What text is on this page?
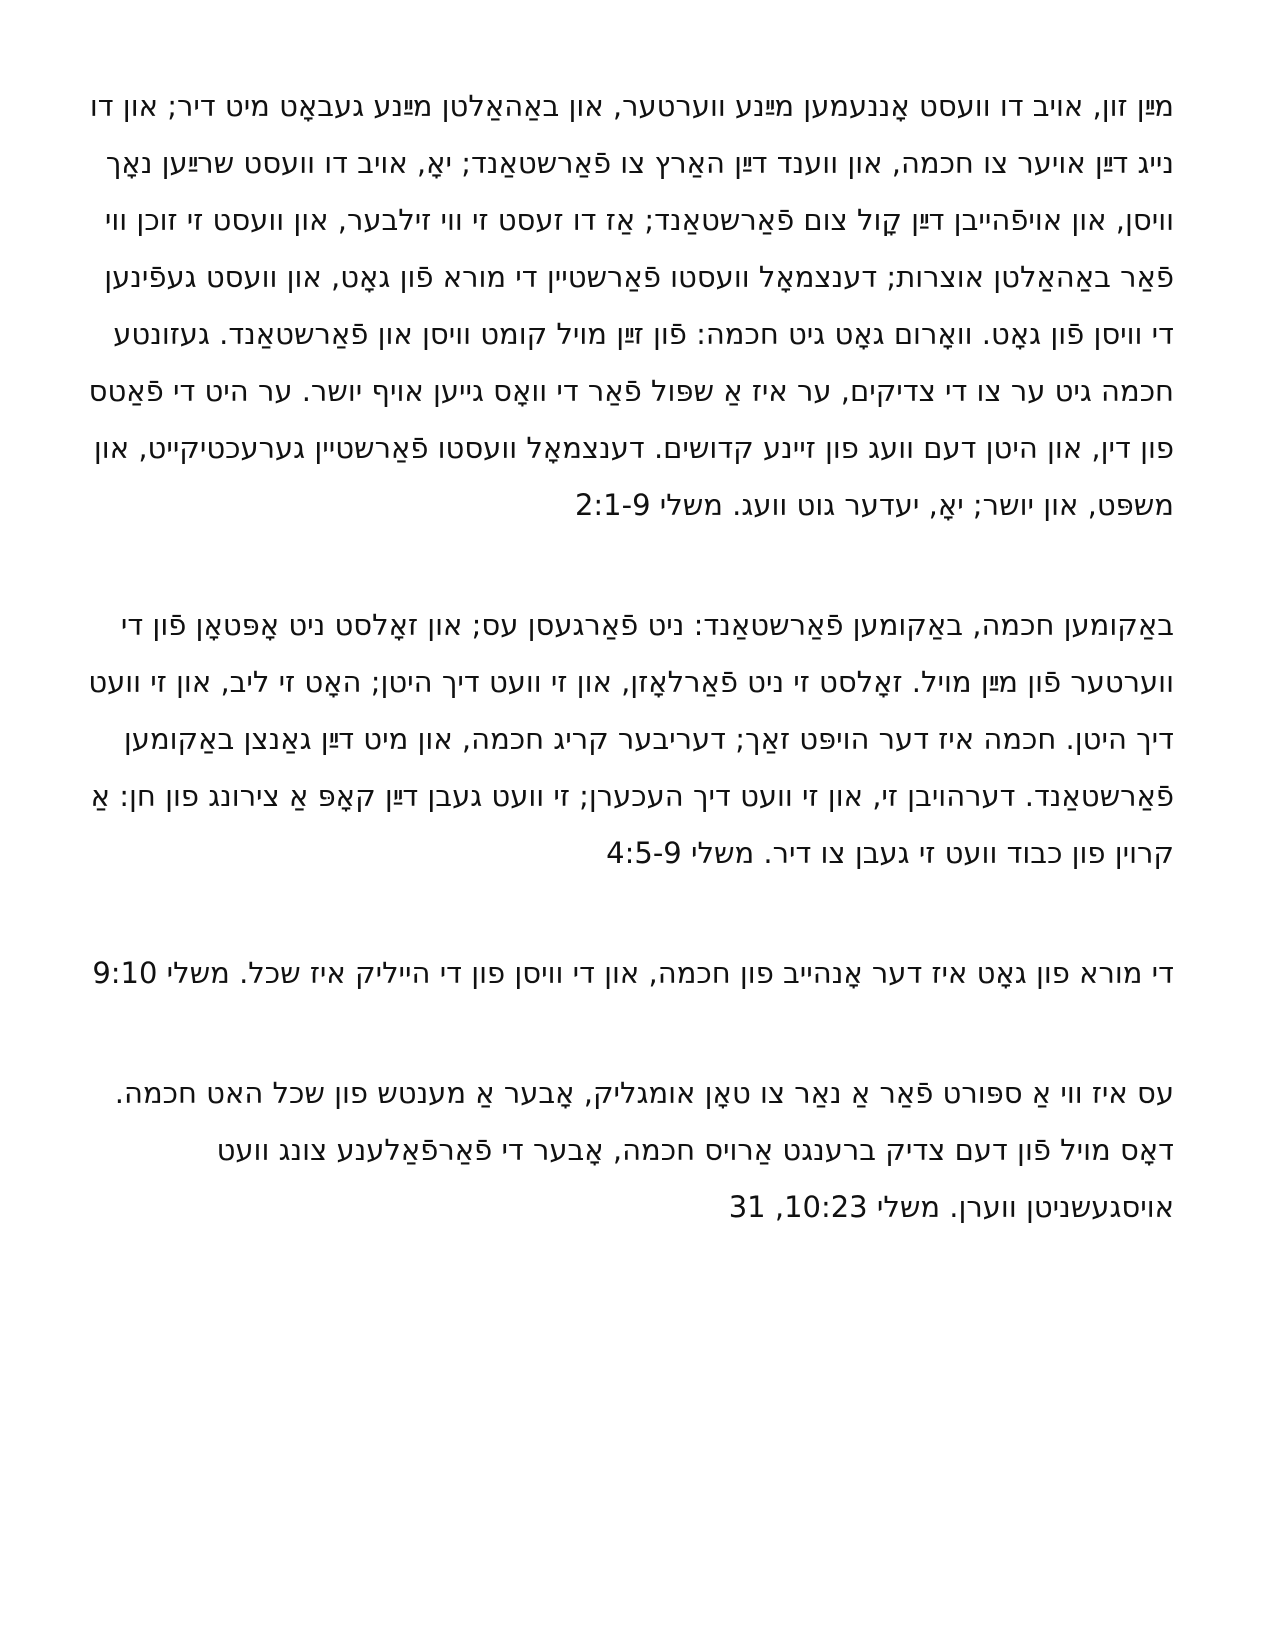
מײַן זון, אויב דו וועסט אָננעמען מײַנע ווערטער, און באַהאַלטן מײַנע געבאָט מיט דיר; און דו נייג דײַן אויער צו חכמה, און ווענד דײַן האַרץ צו פֿאַרשטאַנד; יאָ, אויב דו וועסט שרײַען נאָך וויסן, און אויפֿהייבן דײַן קָול צום פֿאַרשטאַנד; אַז דו זעסט זי ווי זילבער, און וועסט זי זוכן ווי פֿאַר באַהאַלטן אוצרות; דענצמאָל וועסטו פֿאַרשטיין די מורא פֿון גאָט, און וועסט געפֿינען די וויסן פֿון גאָט. וואָרום גאָט גיט חכמה: פֿון זײַן מויל קומט וויסן און פֿאַרשטאַנד. געזונטע חכמה גיט ער צו די צדיקים, ער איז אַ שפּול פֿאַר די וואָס גייען אויף יושר. ער היט די פֿאַטס פון דין, און היטן דעם וועג פון זיינע קדושים. דענצמאָל וועסטו פֿאַרשטיין גערעכטיקייט, און משפּט, און יושר; יאָ, יעדער גוט וועג. משלי 2:1-9

באַקומען חכמה, באַקומען פֿאַרשטאַנד: ניט פֿאַרגעסן עס; און זאָלסט ניט אָפּטאָן פֿון די ווערטער פֿון מײַן מויל. זאָלסט זי ניט פֿאַרלאָזן, און זי וועט דיך היטן; האָט זי ליב, און זי וועט דיך היטן. חכמה איז דער הויפּט זאַך; דעריבער קריג חכמה, און מיט דײַן גאַנצן באַקומען פֿאַרשטאַנד. דערהויבן זי, און זי וועט דיך העכערן; זי וועט געבן דײַן קאָפּ אַ צירונג פון חן: אַ קרוין פון כבוד וועט זי געבן צו דיר. משלי 4:5-9

די מורא פון גאָט איז דער אָנהייב פון חכמה, און די וויסן פון די הייליק איז שכל. משלי 9:10

עס איז ווי אַ ספּורט פֿאַר אַ נאַר צו טאָן אומגליק, אָבער אַ מענטש פון שכל האט חכמה. דאָס מויל פֿון דעם צדיק ברענגט אַרויס חכמה, אָבער די פֿאַרפֿאַלענע צונג וועט אויסגעשניטן ווערן. משלי 10:23, 31
